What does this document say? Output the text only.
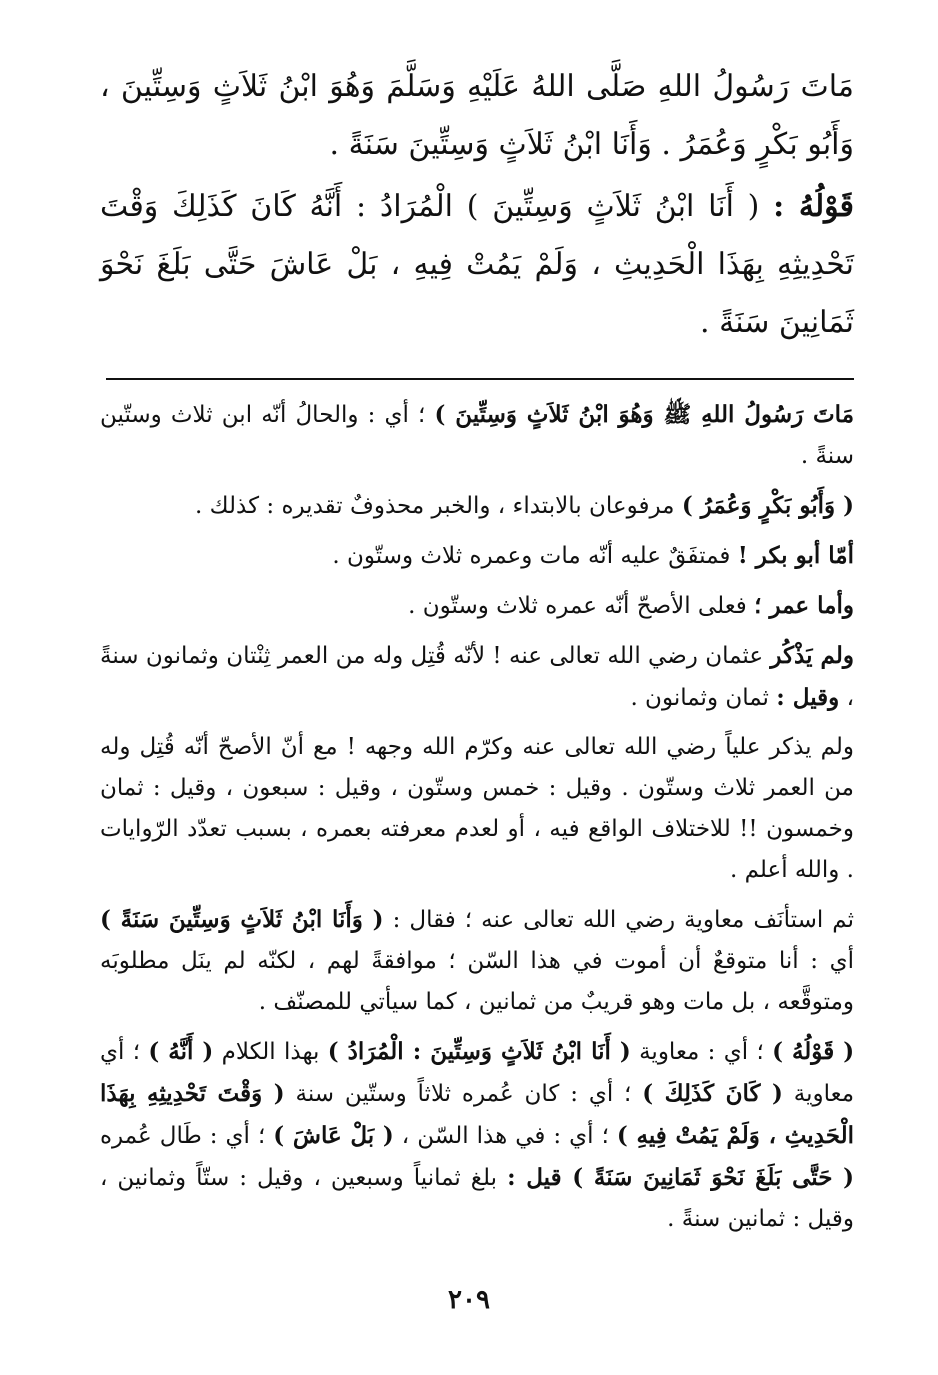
مَاتَ رَسُولُ اللهِ صَلَّى اللهُ عَلَيْهِ وَسَلَّمَ وَهُوَ ابْنُ ثَلاَثٍ وَسِتِّينَ ، وَأَبُو بَكْرٍ وَعُمَرُ . وَأَنَا ابْنُ ثَلاَثٍ وَسِتِّينَ سَنَةً .

قَوْلُهُ : ( أَنَا ابْنُ ثَلاَثٍ وَسِتِّينَ ) الْمُرَادُ : أَنَّهُ كَانَ كَذَلِكَ وَقْتَ تَحْدِيثِهِ بِهَذَا الْحَدِيثِ ، وَلَمْ يَمُتْ فِيهِ ، بَلْ عَاشَ حَتَّى بَلَغَ نَحْوَ ثَمَانِينَ سَنَةً .

مَاتَ رَسُولُ اللهِ ﷺ وَهُوَ ابْنُ ثَلاَثٍ وَسِتِّينَ ) ؛ أي : والحالُ أنّه ابن ثلاث وستّين سنةً .

( وَأَبُو بَكْرٍ وَعُمَرُ ) مرفوعان بالابتداء ، والخبر محذوفٌ تقديره : كذلك .

أمّا أبو بكر ! فمتفَقٌ عليه أنّه مات وعمره ثلاث وستّون .

وأما عمر ؛ فعلى الأصحّ أنّه عمره ثلاث وستّون .

ولم يَذْكُر عثمان رضي الله تعالى عنه ! لأنّه قُتِل وله من العمر ثِنْتان وثمانون سنةً ، وقيل : ثمان وثمانون .

ولم يذكر علياً رضي الله تعالى عنه وكرّم الله وجهه ! مع أنّ الأصحّ أنّه قُتِل وله من العمر ثلاث وستّون . وقيل : خمس وستّون ، وقيل : سبعون ، وقيل : ثمان وخمسون !! للاختلاف الواقع فيه ، أو لعدم معرفته بعمره ، بسبب تعدّد الرّوايات . والله أعلم .

ثم استأنَف معاوية رضي الله تعالى عنه ؛ فقال : ( وَأَنَا ابْنُ ثَلاَثٍ وَسِتِّينَ سَنَةً ) أي : أنا متوقعٌ أن أموت في هذا السّن ؛ موافقةً لهم ، لكنّه لم ينَل مطلوبَه ومتوقَّعه ، بل مات وهو قريبٌ من ثمانين ، كما سيأتي للمصنّف .

( قَوْلُهُ ) ؛ أي : معاوية ( أَنَا ابْنُ ثَلاَثٍ وَسِتِّينَ : الْمُرَادُ ) بهذا الكلام ( أَنَّهُ ) ؛ أي معاوية ( كَانَ كَذَلِكَ ) ؛ أي : كان عُمره ثلاثاً وستّين سنة ( وَقْتَ تَحْدِيثِهِ بِهَذَا الْحَدِيثِ ، وَلَمْ يَمُتْ فِيهِ ) ؛ أي : في هذا السّن ، ( بَلْ عَاشَ ) ؛ أي : طَال عُمره ( حَتَّى بَلَغَ نَحْوَ ثَمَانِينَ سَنَةً ) قيل : بلغ ثمانياً وسبعين ، وقيل : ستّاً وثمانين ، وقيل : ثمانين سنةً .

٢٠٩
